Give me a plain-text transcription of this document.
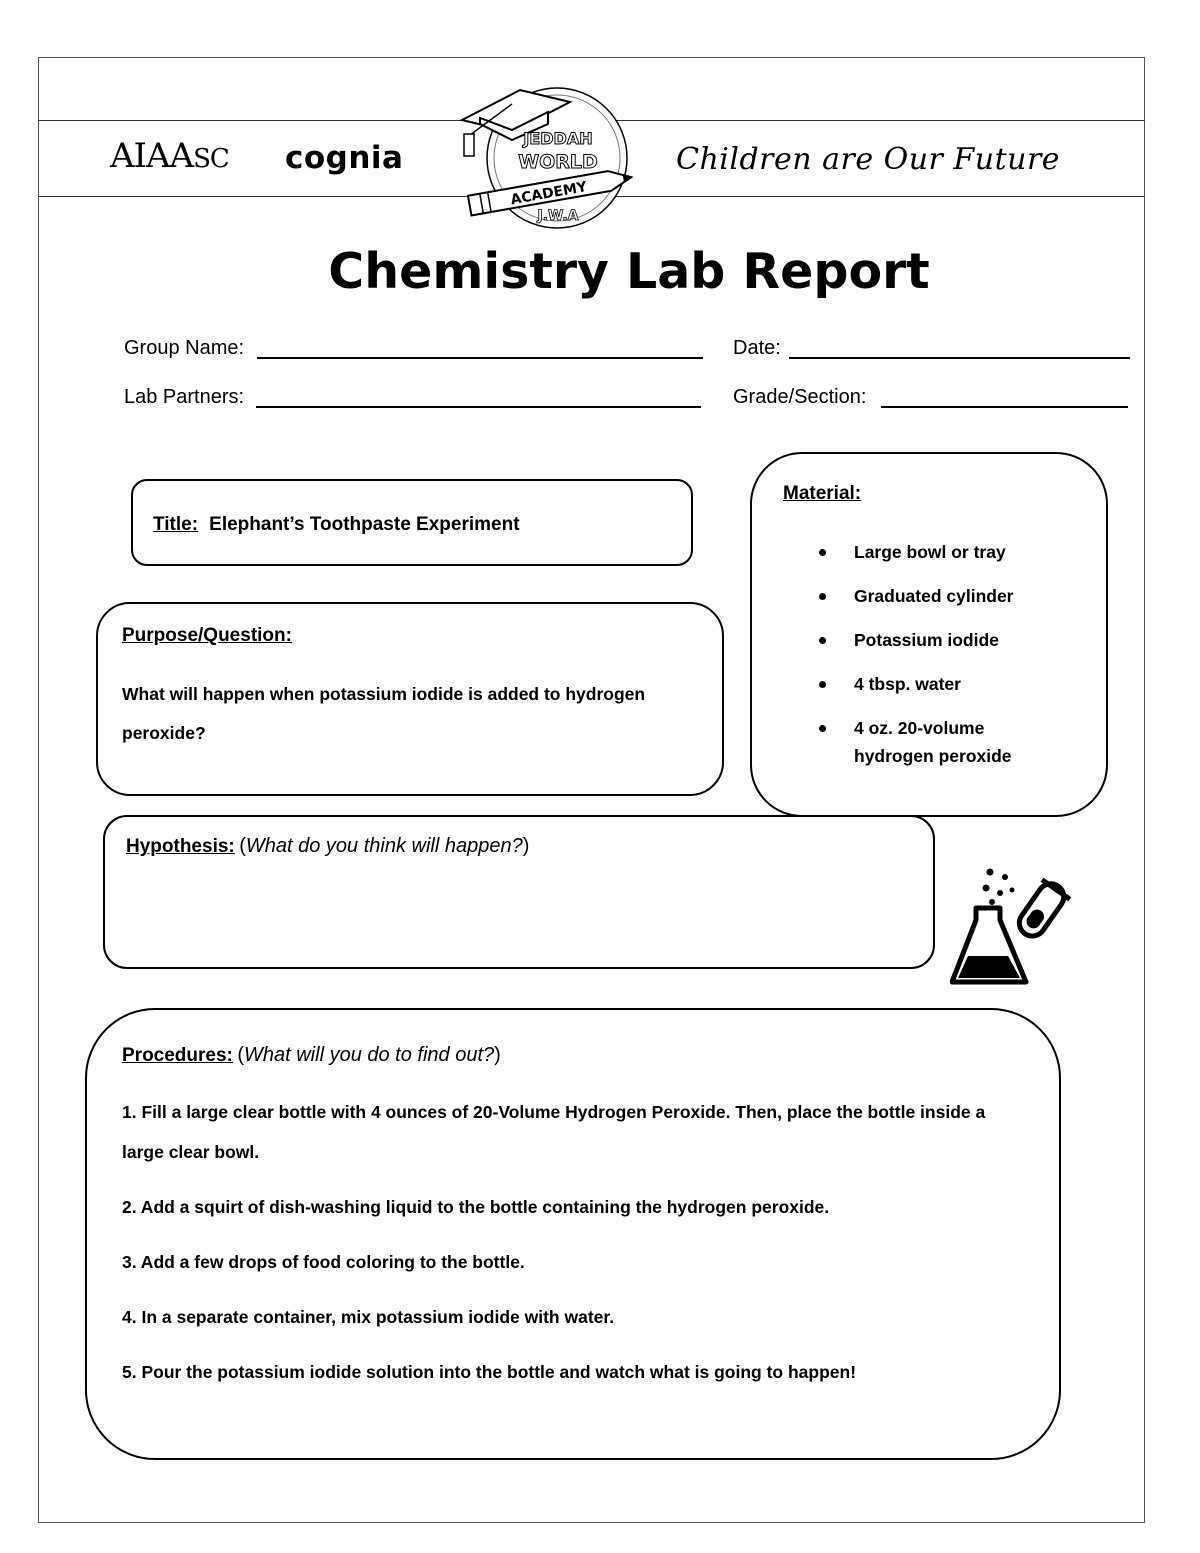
AIAASC cognia
JEDDAH
WORLD
ACADEMY
J.W.A
Children are Our Future
Chemistry Lab Report
Group Name:	Date:
Lab Partners:	Grade/Section:
Title: Elephant’s Toothpaste Experiment
Material:
Large bowl or tray
Graduated cylinder
Potassium iodide
4 tbsp. water
4 oz. 20-volume hydrogen peroxide
Purpose/Question:
What will happen when potassium iodide is added to hydrogen
peroxide?
Hypothesis: (What do you think will happen?)
Procedures: (What will you do to find out?)
1. Fill a large clear bottle with 4 ounces of 20-Volume Hydrogen Peroxide. Then, place the bottle inside a large clear bowl.
2. Add a squirt of dish-washing liquid to the bottle containing the hydrogen peroxide.
3. Add a few drops of food coloring to the bottle.
4. In a separate container, mix potassium iodide with water.
5. Pour the potassium iodide solution into the bottle and watch what is going to happen!
